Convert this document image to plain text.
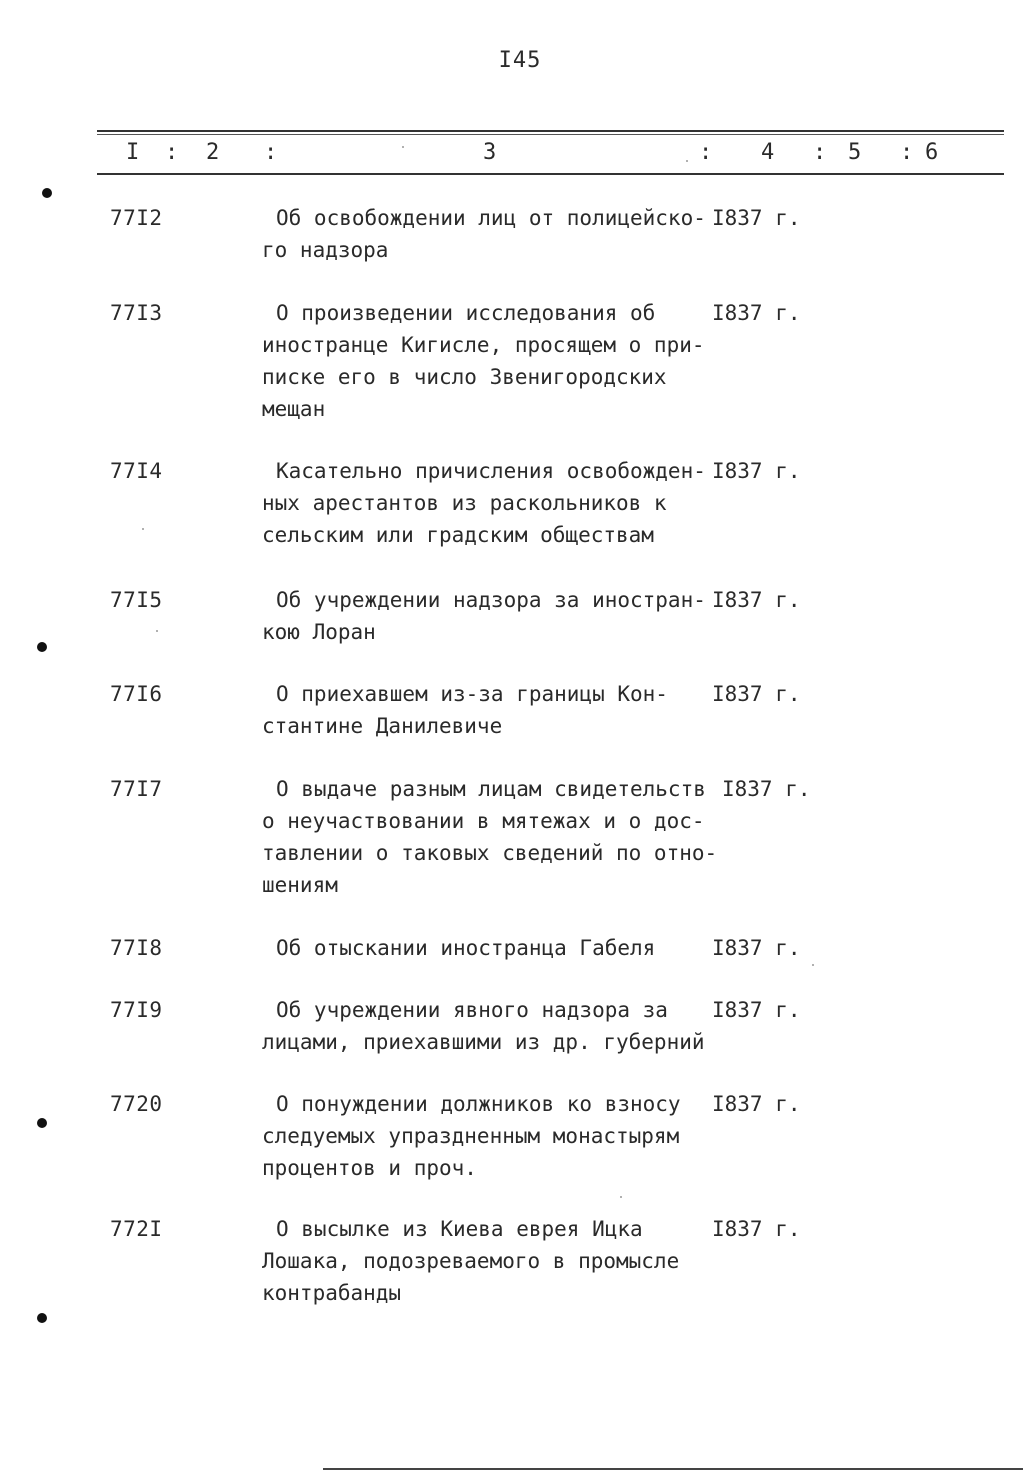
I45
I : 2 :	3	: 4 : 5 : 6
77I2	Об освобождении лиц от полицейско-
го надзора
I837 г.
77I3	О произведении исследования об
иностранце Кигисле, просящем о при-
писке его в число Звенигородских
мещан
I837 г.
77I4	Касательно причисления освобожден-
ных арестантов из раскольников к
сельским или градским обществам
I837 г.
77I5	Об учреждении надзора за иностран-
кою Лоран
I837 г.
77I6	О приехавшем из-за границы Кон-
стантине Данилевиче
I837 г.
77I7	О выдаче разным лицам свидетельств
о неучаствовании в мятежах и о дос-
тавлении о таковых сведений по отно-
шениям
I837 г.
77I8	Об отыскании иностранца Габеля	I837 г.
77I9	Об учреждении явного надзора за
лицами, приехавшими из др. губерний
I837 г.
7720	О понуждении должников ко взносу
следуемых упраздненным монастырям
процентов и проч.
I837 г.
772I	О высылке из Киева еврея Ицка
Лошака, подозреваемого в промысле
контрабанды
I837 г.
